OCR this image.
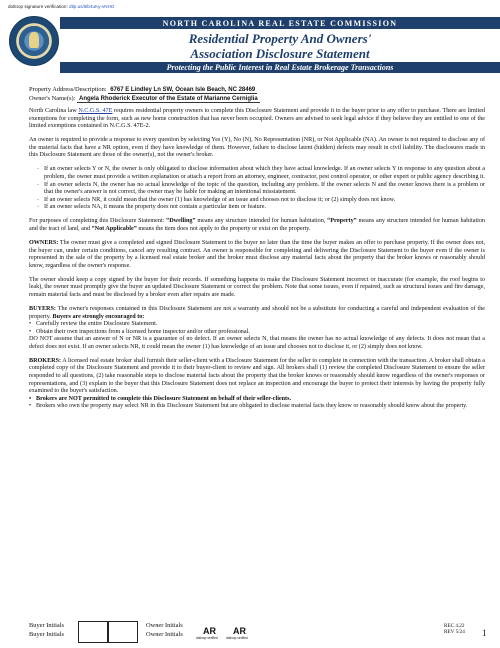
dotloop signature verification: dtlp.us/5lb4uKy-vNHG
NORTH CAROLINA REAL ESTATE COMMISSION
Residential Property And Owners'
Association Disclosure Statement
Protecting the Public Interest in Real Estate Brokerage Transactions
Property Address/Description: 6767 E Lindley Ln SW, Ocean Isle Beach, NC 28469
Owner's Name(s): Angela Rhoderick Executor of the Estate of Marianne Cerniglia

North Carolina law N.C.G.S. 47E requires residential property owners to complete this Disclosure Statement and provide it to the buyer prior to any offer to purchase. There are limited exemptions for completing the form, such as new home construction that has never been occupied. Owners are advised to seek legal advice if they believe they are entitled to one of the limited exemptions contained in N.C.G.S. 47E-2.

An owner is required to provide a response to every question by selecting Yes (Y), No (N), No Representation (NR), or Not Applicable (NA). An owner is not required to disclose any of the material facts that have a NR option, even if they have knowledge of them. However, failure to disclose latent (hidden) defects may result in civil liability. The disclosures made in this Disclosure Statement are those of the owner(s), not the owner's broker.

◦ If an owner selects Y or N, the owner is only obligated to disclose information about which they have actual knowledge. If an owner selects Y in response to any question about a problem, the owner must provide a written explanation or attach a report from an attorney, engineer, contractor, pest control operator, or other expert or public agency describing it.
◦ If an owner selects N, the owner has no actual knowledge of the topic of the question, including any problem. If the owner selects N and the owner knows there is a problem or that the owner's answer is not correct, the owner may be liable for making an intentional misstatement.
◦ If an owner selects NR, it could mean that the owner (1) has knowledge of an issue and chooses not to disclose it; or (2) simply does not know.
◦ If an owner selects NA, it means the property does not contain a particular item or feature.

For purposes of completing this Disclosure Statement: “Dwelling” means any structure intended for human habitation, “Property” means any structure intended for human habitation and the tract of land, and “Not Applicable” means the item does not apply to the property or exist on the property.

OWNERS: The owner must give a completed and signed Disclosure Statement to the buyer no later than the time the buyer makes an offer to purchase property. If the owner does not, the buyer can, under certain conditions, cancel any resulting contract. An owner is responsible for completing and delivering the Disclosure Statement to the buyer even if the owner is represented in the sale of the property by a licensed real estate broker and the broker must disclose any material facts about the property that the broker knows or reasonably should know, regardless of the owner's response.

The owner should keep a copy signed by the buyer for their records. If something happens to make the Disclosure Statement incorrect or inaccurate (for example, the roof begins to leak), the owner must promptly give the buyer an updated Disclosure Statement or correct the problem. Note that some issues, even if repaired, such as structural issues and fire damage, remain material facts and must be disclosed by a broker even after repairs are made.

BUYERS: The owner's responses contained in this Disclosure Statement are not a warranty and should not be a substitute for conducting a careful and independent evaluation of the property. Buyers are strongly encouraged to:

• Carefully review the entire Disclosure Statement.
• Obtain their own inspections from a licensed home inspector and/or other professional.

DO NOT assume that an answer of N or NR is a guarantee of no defect. If an owner selects N, that means the owner has no actual knowledge of any defects. It does not mean that a defect does not exist. If an owner selects NR, it could mean the owner (1) has knowledge of an issue and chooses not to disclose it, or (2) simply does not know.

BROKERS: A licensed real estate broker shall furnish their seller-client with a Disclosure Statement for the seller to complete in connection with the transaction. A broker shall obtain a completed copy of the Disclosure Statement and provide it to their buyer-client to review and sign. All brokers shall (1) review the completed Disclosure Statement to ensure the seller responded to all questions, (2) take reasonable steps to disclose material facts about the property that the broker knows or reasonably should know regardless of the owner's responses or representations, and (3) explain to the buyer that this Disclosure Statement does not replace an inspection and encourage the buyer to protect their interests by having the property fully examined to the buyer's satisfaction.

• Brokers are NOT permitted to complete this Disclosure Statement on behalf of their seller-clients.
• Brokers who own the property may select NR in this Disclosure Statement but are obligated to disclose material facts they know or reasonably should know about the property.
Buyer Initials
Buyer Initials
Owner Initials
Owner Initials AR
dotloop verified
AR
dotloop verified
REC 4.22
REV 5/24 1
